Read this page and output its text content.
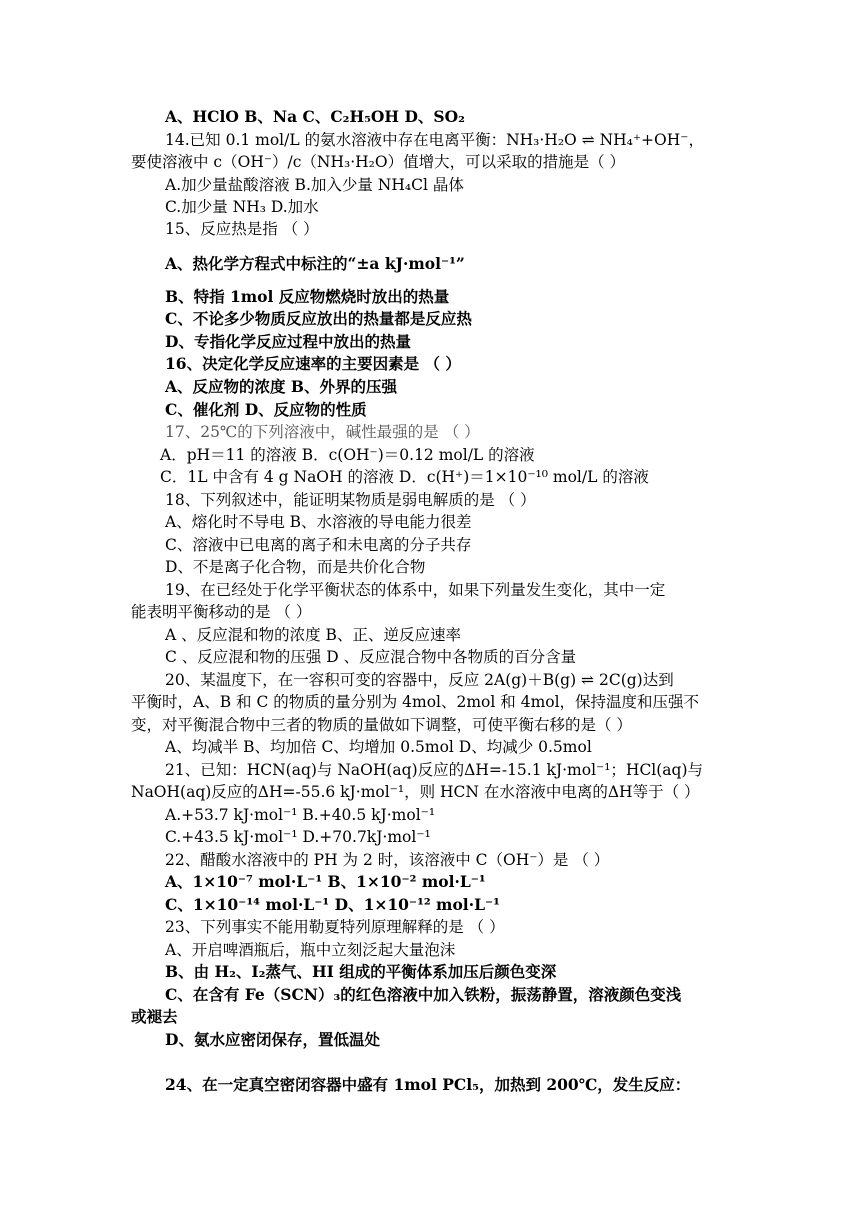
A、HClO B、Na C、C₂H₅OH D、SO₂
14.已知 0.1 mol/L 的氨水溶液中存在电离平衡：NH₃·H₂O ⇌ NH₄⁺+OH⁻，
要使溶液中 c（OH⁻）/c（NH₃·H₂O）值增大，可以采取的措施是（ ）
A.加少量盐酸溶液 B.加入少量 NH₄Cl 晶体
C.加少量 NH₃ D.加水
15、反应热是指 （ ）
A、热化学方程式中标注的“±a kJ·mol⁻¹”
B、特指 1mol 反应物燃烧时放出的热量
C、不论多少物质反应放出的热量都是反应热
D、专指化学反应过程中放出的热量
16、决定化学反应速率的主要因素是 （ ）
A、反应物的浓度 B、外界的压强
C、催化剂 D、反应物的性质
17、25℃的下列溶液中，碱性最强的是 （ ）
A．pH＝11 的溶液 B．c(OH⁻)＝0.12 mol/L 的溶液
C．1L 中含有 4 g NaOH 的溶液 D．c(H⁺)＝1×10⁻¹⁰ mol/L 的溶液
18、下列叙述中，能证明某物质是弱电解质的是 （ ）
A、熔化时不导电 B、水溶液的导电能力很差
C、溶液中已电离的离子和未电离的分子共存
D、不是离子化合物，而是共价化合物
19、在已经处于化学平衡状态的体系中，如果下列量发生变化，其中一定
能表明平衡移动的是 （ ）
A 、反应混和物的浓度 B、正、逆反应速率
C 、反应混和物的压强 D 、反应混合物中各物质的百分含量
20、某温度下，在一容积可变的容器中，反应 2A(g)＋B(g) ⇌ 2C(g)达到
平衡时，A、B 和 C 的物质的量分别为 4mol、2mol 和 4mol，保持温度和压强不
变，对平衡混合物中三者的物质的量做如下调整，可使平衡右移的是（ ）
A、均减半 B、均加倍 C、均增加 0.5mol D、均减少 0.5mol
21、已知：HCN(aq)与 NaOH(aq)反应的ΔH=-15.1 kJ·mol⁻¹；HCl(aq)与
NaOH(aq)反应的ΔH=-55.6 kJ·mol⁻¹，则 HCN 在水溶液中电离的ΔH等于（ ）
A.+53.7 kJ·mol⁻¹ B.+40.5 kJ·mol⁻¹
C.+43.5 kJ·mol⁻¹ D.+70.7kJ·mol⁻¹
22、醋酸水溶液中的 PH 为 2 时，该溶液中 C（OH⁻）是 （ ）
A、1×10⁻⁷ mol·L⁻¹ B、1×10⁻² mol·L⁻¹
C、1×10⁻¹⁴ mol·L⁻¹ D、1×10⁻¹² mol·L⁻¹
23、下列事实不能用勒夏特列原理解释的是 （ ）
A、开启啤酒瓶后，瓶中立刻泛起大量泡沫
B、由 H₂、I₂蒸气、HI 组成的平衡体系加压后颜色变深
C、在含有 Fe（SCN）₃的红色溶液中加入铁粉，振荡静置，溶液颜色变浅
或褪去
D、氨水应密闭保存，置低温处
24、在一定真空密闭容器中盛有 1mol PCl₅，加热到 200℃，发生反应：
